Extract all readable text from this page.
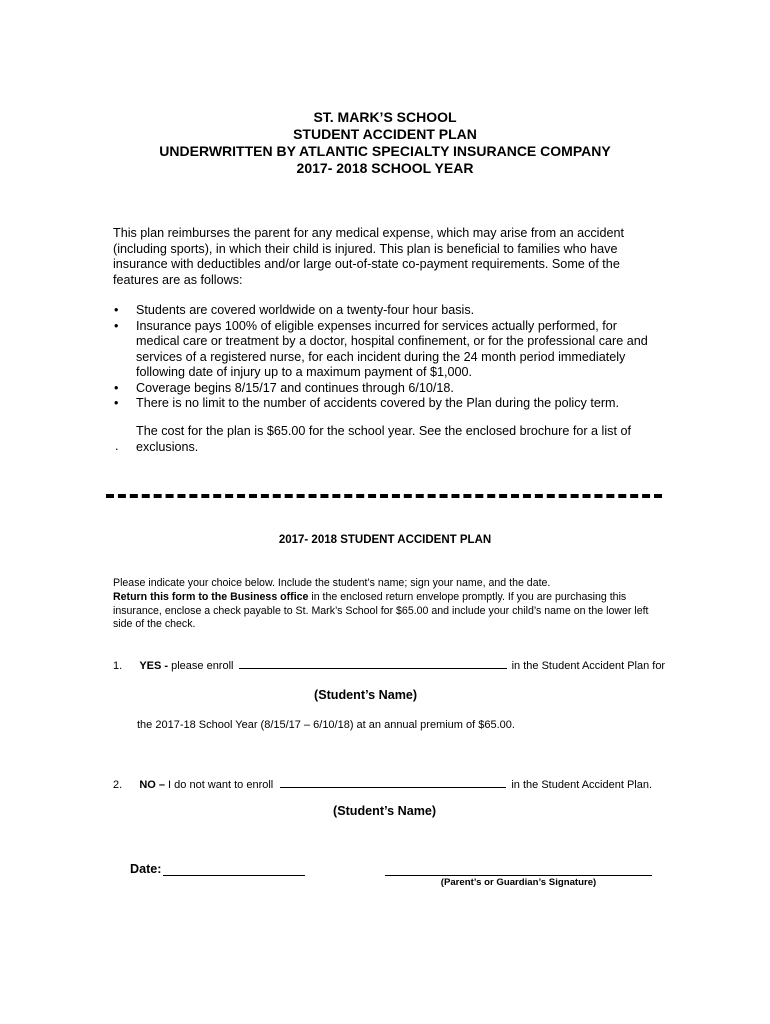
ST. MARK’S SCHOOL
STUDENT ACCIDENT PLAN
UNDERWRITTEN BY ATLANTIC SPECIALTY INSURANCE COMPANY
2017- 2018 SCHOOL YEAR

This plan reimburses the parent for any medical expense, which may arise from an accident (including sports), in which their child is injured. This plan is beneficial to families who have insurance with deductibles and/or large out-of-state co-payment requirements. Some of the features are as follows:

• Students are covered worldwide on a twenty-four hour basis.
• Insurance pays 100% of eligible expenses incurred for services actually performed, for medical care or treatment by a doctor, hospital confinement, or for the professional care and services of a registered nurse, for each incident during the 24 month period immediately following date of injury up to a maximum payment of $1,000.
• Coverage begins 8/15/17 and continues through 6/10/18.
• There is no limit to the number of accidents covered by the Plan during the policy term.

The cost for the plan is $65.00 for the school year. See the enclosed brochure for a list of exclusions.

.
2017- 2018 STUDENT ACCIDENT PLAN

Please indicate your choice below. Include the student’s name; sign your name, and the date.
Return this form to the Business office in the enclosed return envelope promptly. If you are purchasing this insurance, enclose a check payable to St. Mark’s School for $65.00 and include your child’s name on the lower left side of the check.

1. YES - please enroll	in the Student Accident Plan for
(Student’s Name)
the 2017-18 School Year (8/15/17 – 6/10/18) at an annual premium of $65.00.
2. NO – I do not want to enroll	in the Student Accident Plan.
(Student’s Name)
Date:
(Parent’s or Guardian’s Signature)
